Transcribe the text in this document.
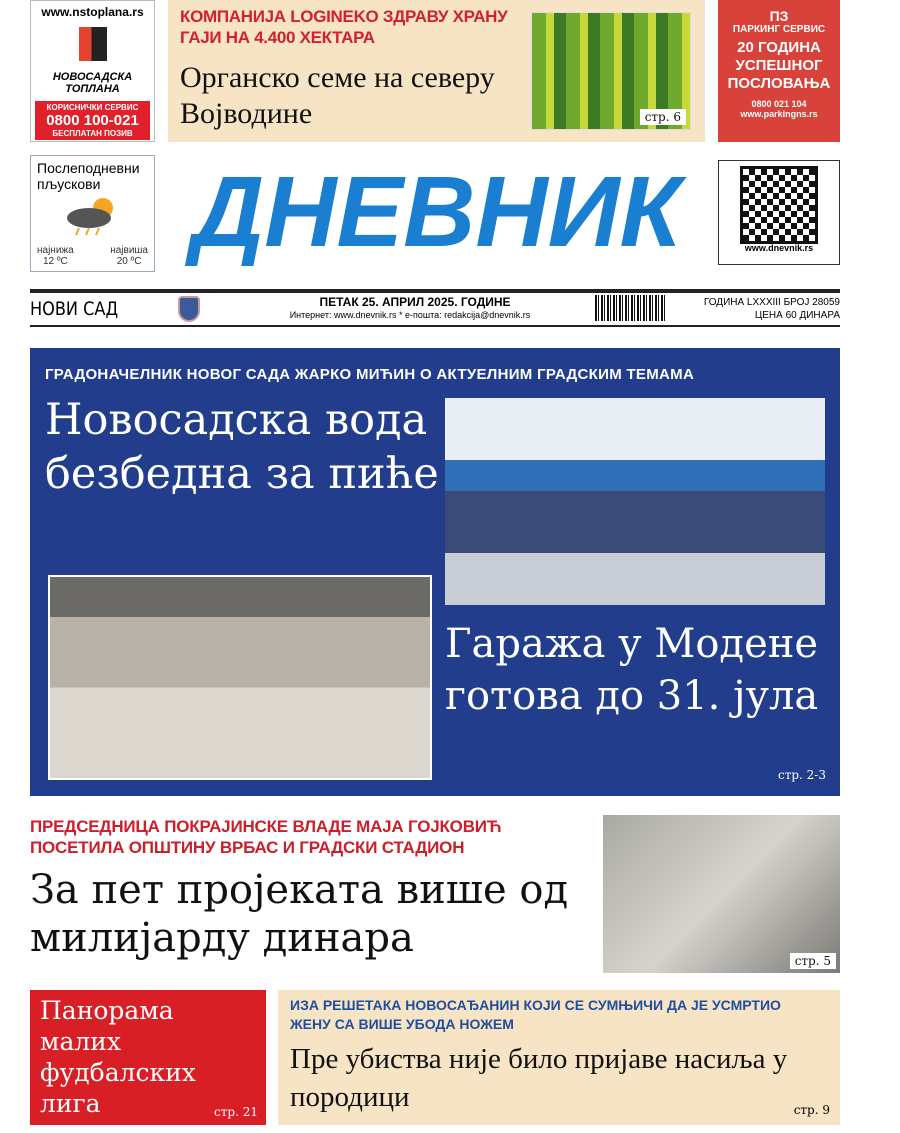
www.nstoplana.rs
НОВОСАДСКА ТОПЛАНА
КОРИСНИЧКИ СЕРВИС
0800 100-021
БЕСПЛАТАН ПОЗИВ
КОМПАНИЈА LOGINEKO ЗДРАВУ ХРАНУ ГАЈИ НА 4.400 ХЕКТАРА
Органско семе на северу Војводине	стр. 6
ПЗ
ПАРКИНГ СЕРВИС
20 ГОДИНА УСПЕШНОГ ПОСЛОВАЊА
0800 021 104
www.parkingns.rs
Послеподневни пљускови
најнижа
12 ºC
највиша
20 ºC ДНЕВНИК	www.dnevnik.rs
НОВИ САД	ПЕТАК 25. АПРИЛ 2025. ГОДИНЕ
Интернет: www.dnevnik.rs * е-пошта: redakcija@dnevnik.rs
ГОДИНА LXXXIII БРОЈ 28059
ЦЕНА 60 ДИНАРА
ГРАДОНАЧЕЛНИК НОВОГ САДА ЖАРКО МИЋИН О АКТУЕЛНИМ ГРАДСКИМ ТЕМАМА
Новосадска вода безбедна за пиће
Гаража у Модене готова до 31. јула
стр. 2-3
ПРЕДСЕДНИЦА ПОКРАЈИНСКЕ ВЛАДЕ МАЈА ГОЈКОВИЋ ПОСЕТИЛА ОПШТИНУ ВРБАС И ГРАДСКИ СТАДИОН
За пет пројеката више од милијарду динара	стр. 5
Панорама малих фудбалских лига	стр. 21
ИЗА РЕШЕТАКА НОВОСАЂАНИН КОЈИ СЕ СУМЊИЧИ ДА ЈЕ УСМРТИО ЖЕНУ СА ВИШЕ УБОДА НОЖЕМ
Пре убиства није било пријаве насиља у породици	стр. 9
